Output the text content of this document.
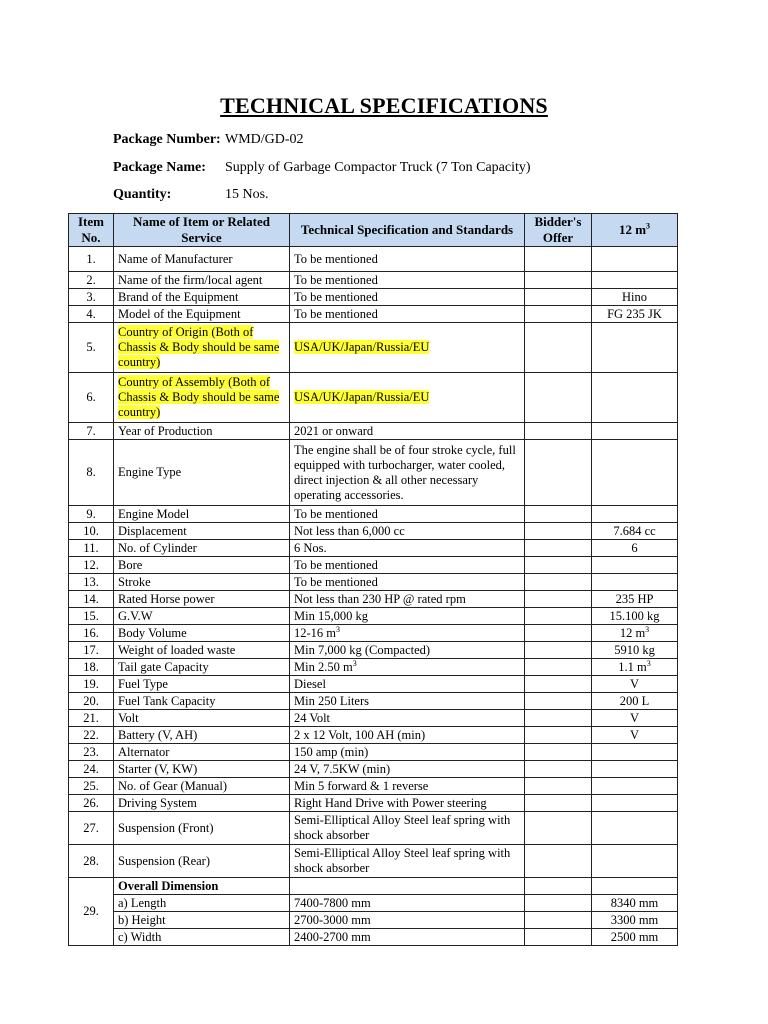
TECHNICAL SPECIFICATIONS
Package Number: WMD/GD-02
Package Name: Supply of Garbage Compactor Truck (7 Ton Capacity)
Quantity:	15 Nos.
Item No.	Name of Item or Related Service	Technical Specification and Standards	Bidder's Offer	12 $m^3$
1.	Name of Manufacturer	To be mentioned		
2.	Name of the firm/local agent	To be mentioned		
3.	Brand of the Equipment	To be mentioned		Hino
4.	Model of the Equipment	To be mentioned		FG 235 JK
5.	Country of Origin (Both of Chassis & Body should be same country)	USA/UK/Japan/Russia/EU		
6.	Country of Assembly (Both of Chassis & Body should be same country)	USA/UK/Japan/Russia/EU		
7.	Year of Production	2021 or onward		
8.	Engine Type	The engine shall be of four stroke cycle, full equipped with turbocharger, water cooled, direct injection & all other necessary operating accessories.		
9.	Engine Model	To be mentioned		
10.	Displacement	Not less than 6,000 cc		7.684 cc
11.	No. of Cylinder	6 Nos.		6
12.	Bore	To be mentioned		
13.	Stroke	To be mentioned		
14.	Rated Horse power	Not less than 230 HP @ rated rpm		235 HP
15.	G.V.W	Min 15,000 kg		15.100 kg
16.	Body Volume	12-16 $m^3$		12 $m^3$
17.	Weight of loaded waste	Min 7,000 kg (Compacted)		5910 kg
18.	Tail gate Capacity	Min 2.50 $m^3$		1.1 $m^3$
19.	Fuel Type	Diesel		V
20.	Fuel Tank Capacity	Min 250 Liters		200 L
21.	Volt	24 Volt		V
22.	Battery (V, AH)	2 x 12 Volt, 100 AH (min)		V
23.	Alternator	150 amp (min)		
24.	Starter (V, KW)	24 V, 7.5KW (min)		
25.	No. of Gear (Manual)	Min 5 forward & 1 reverse		
26.	Driving System	Right Hand Drive with Power steering		
27.	Suspension (Front)	Semi-Elliptical Alloy Steel leaf spring with shock absorber		
28.	Suspension (Rear)	Semi-Elliptical Alloy Steel leaf spring with shock absorber		
29.	Overall Dimension			
	a) Length	7400-7800 mm		8340 mm
	b) Height	2700-3000 mm		3300 mm
	c) Width	2400-2700 mm		2500 mm
